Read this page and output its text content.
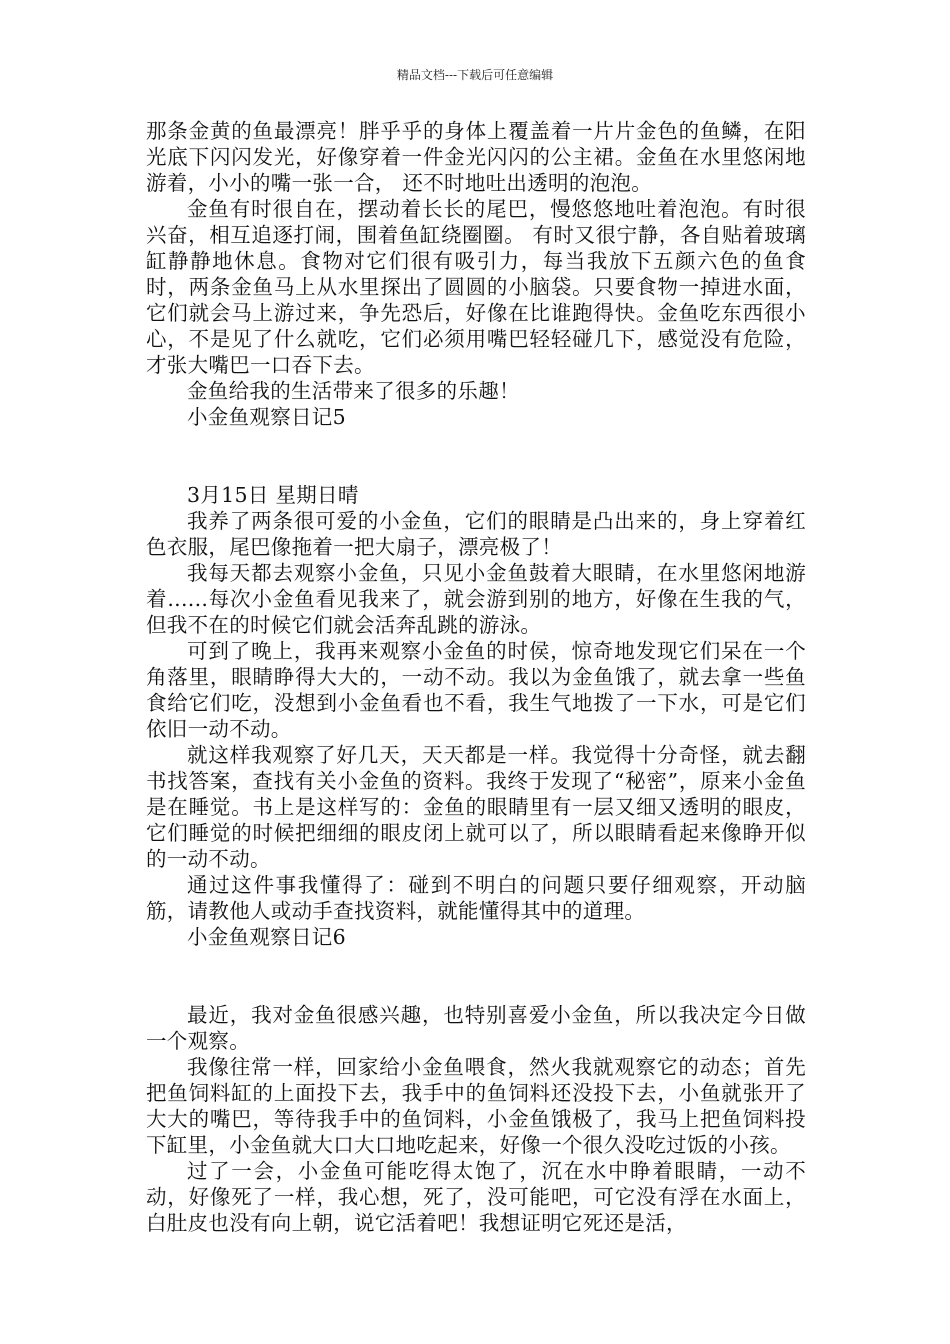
精品文档---下载后可任意编辑

那条金黄的鱼最漂亮！胖乎乎的身体上覆盖着一片片金色的鱼鳞，在阳光底下闪闪发光，好像穿着一件金光闪闪的公主裙。金鱼在水里悠闲地游着，小小的嘴一张一合， 还不时地吐出透明的泡泡。

金鱼有时很自在，摆动着长长的尾巴，慢悠悠地吐着泡泡。有时很兴奋，相互追逐打闹，围着鱼缸绕圈圈。 有时又很宁静，各自贴着玻璃缸静静地休息。食物对它们很有吸引力，每当我放下五颜六色的鱼食时，两条金鱼马上从水里探出了圆圆的小脑袋。只要食物一掉进水面，它们就会马上游过来，争先恐后，好像在比谁跑得快。金鱼吃东西很小心，不是见了什么就吃，它们必须用嘴巴轻轻碰几下，感觉没有危险，才张大嘴巴一口吞下去。

金鱼给我的生活带来了很多的乐趣！

小金鱼观察日记5

3月15日 星期日晴

我养了两条很可爱的小金鱼，它们的眼睛是凸出来的，身上穿着红色衣服，尾巴像拖着一把大扇子，漂亮极了！

我每天都去观察小金鱼，只见小金鱼鼓着大眼睛，在水里悠闲地游着......每次小金鱼看见我来了，就会游到别的地方，好像在生我的气，但我不在的时候它们就会活奔乱跳的游泳。

可到了晚上，我再来观察小金鱼的时侯，惊奇地发现它们呆在一个角落里，眼睛睁得大大的，一动不动。我以为金鱼饿了，就去拿一些鱼食给它们吃，没想到小金鱼看也不看，我生气地拨了一下水，可是它们依旧一动不动。

就这样我观察了好几天，天天都是一样。我觉得十分奇怪，就去翻书找答案，查找有关小金鱼的资料。我终于发现了“秘密”，原来小金鱼是在睡觉。书上是这样写的：金鱼的眼睛里有一层又细又透明的眼皮，它们睡觉的时候把细细的眼皮闭上就可以了，所以眼睛看起来像睁开似的一动不动。

通过这件事我懂得了：碰到不明白的问题只要仔细观察，开动脑筋，请教他人或动手查找资料，就能懂得其中的道理。

小金鱼观察日记6

最近，我对金鱼很感兴趣，也特别喜爱小金鱼，所以我决定今日做一个观察。

我像往常一样，回家给小金鱼喂食，然火我就观察它的动态；首先把鱼饲料缸的上面投下去，我手中的鱼饲料还没投下去，小鱼就张开了大大的嘴巴，等待我手中的鱼饲料，小金鱼饿极了，我马上把鱼饲料投下缸里，小金鱼就大口大口地吃起来，好像一个很久没吃过饭的小孩。

过了一会，小金鱼可能吃得太饱了，沉在水中睁着眼睛，一动不动，好像死了一样，我心想，死了，没可能吧，可它没有浮在水面上，白肚皮也没有向上朝，说它活着吧！我想证明它死还是活，
